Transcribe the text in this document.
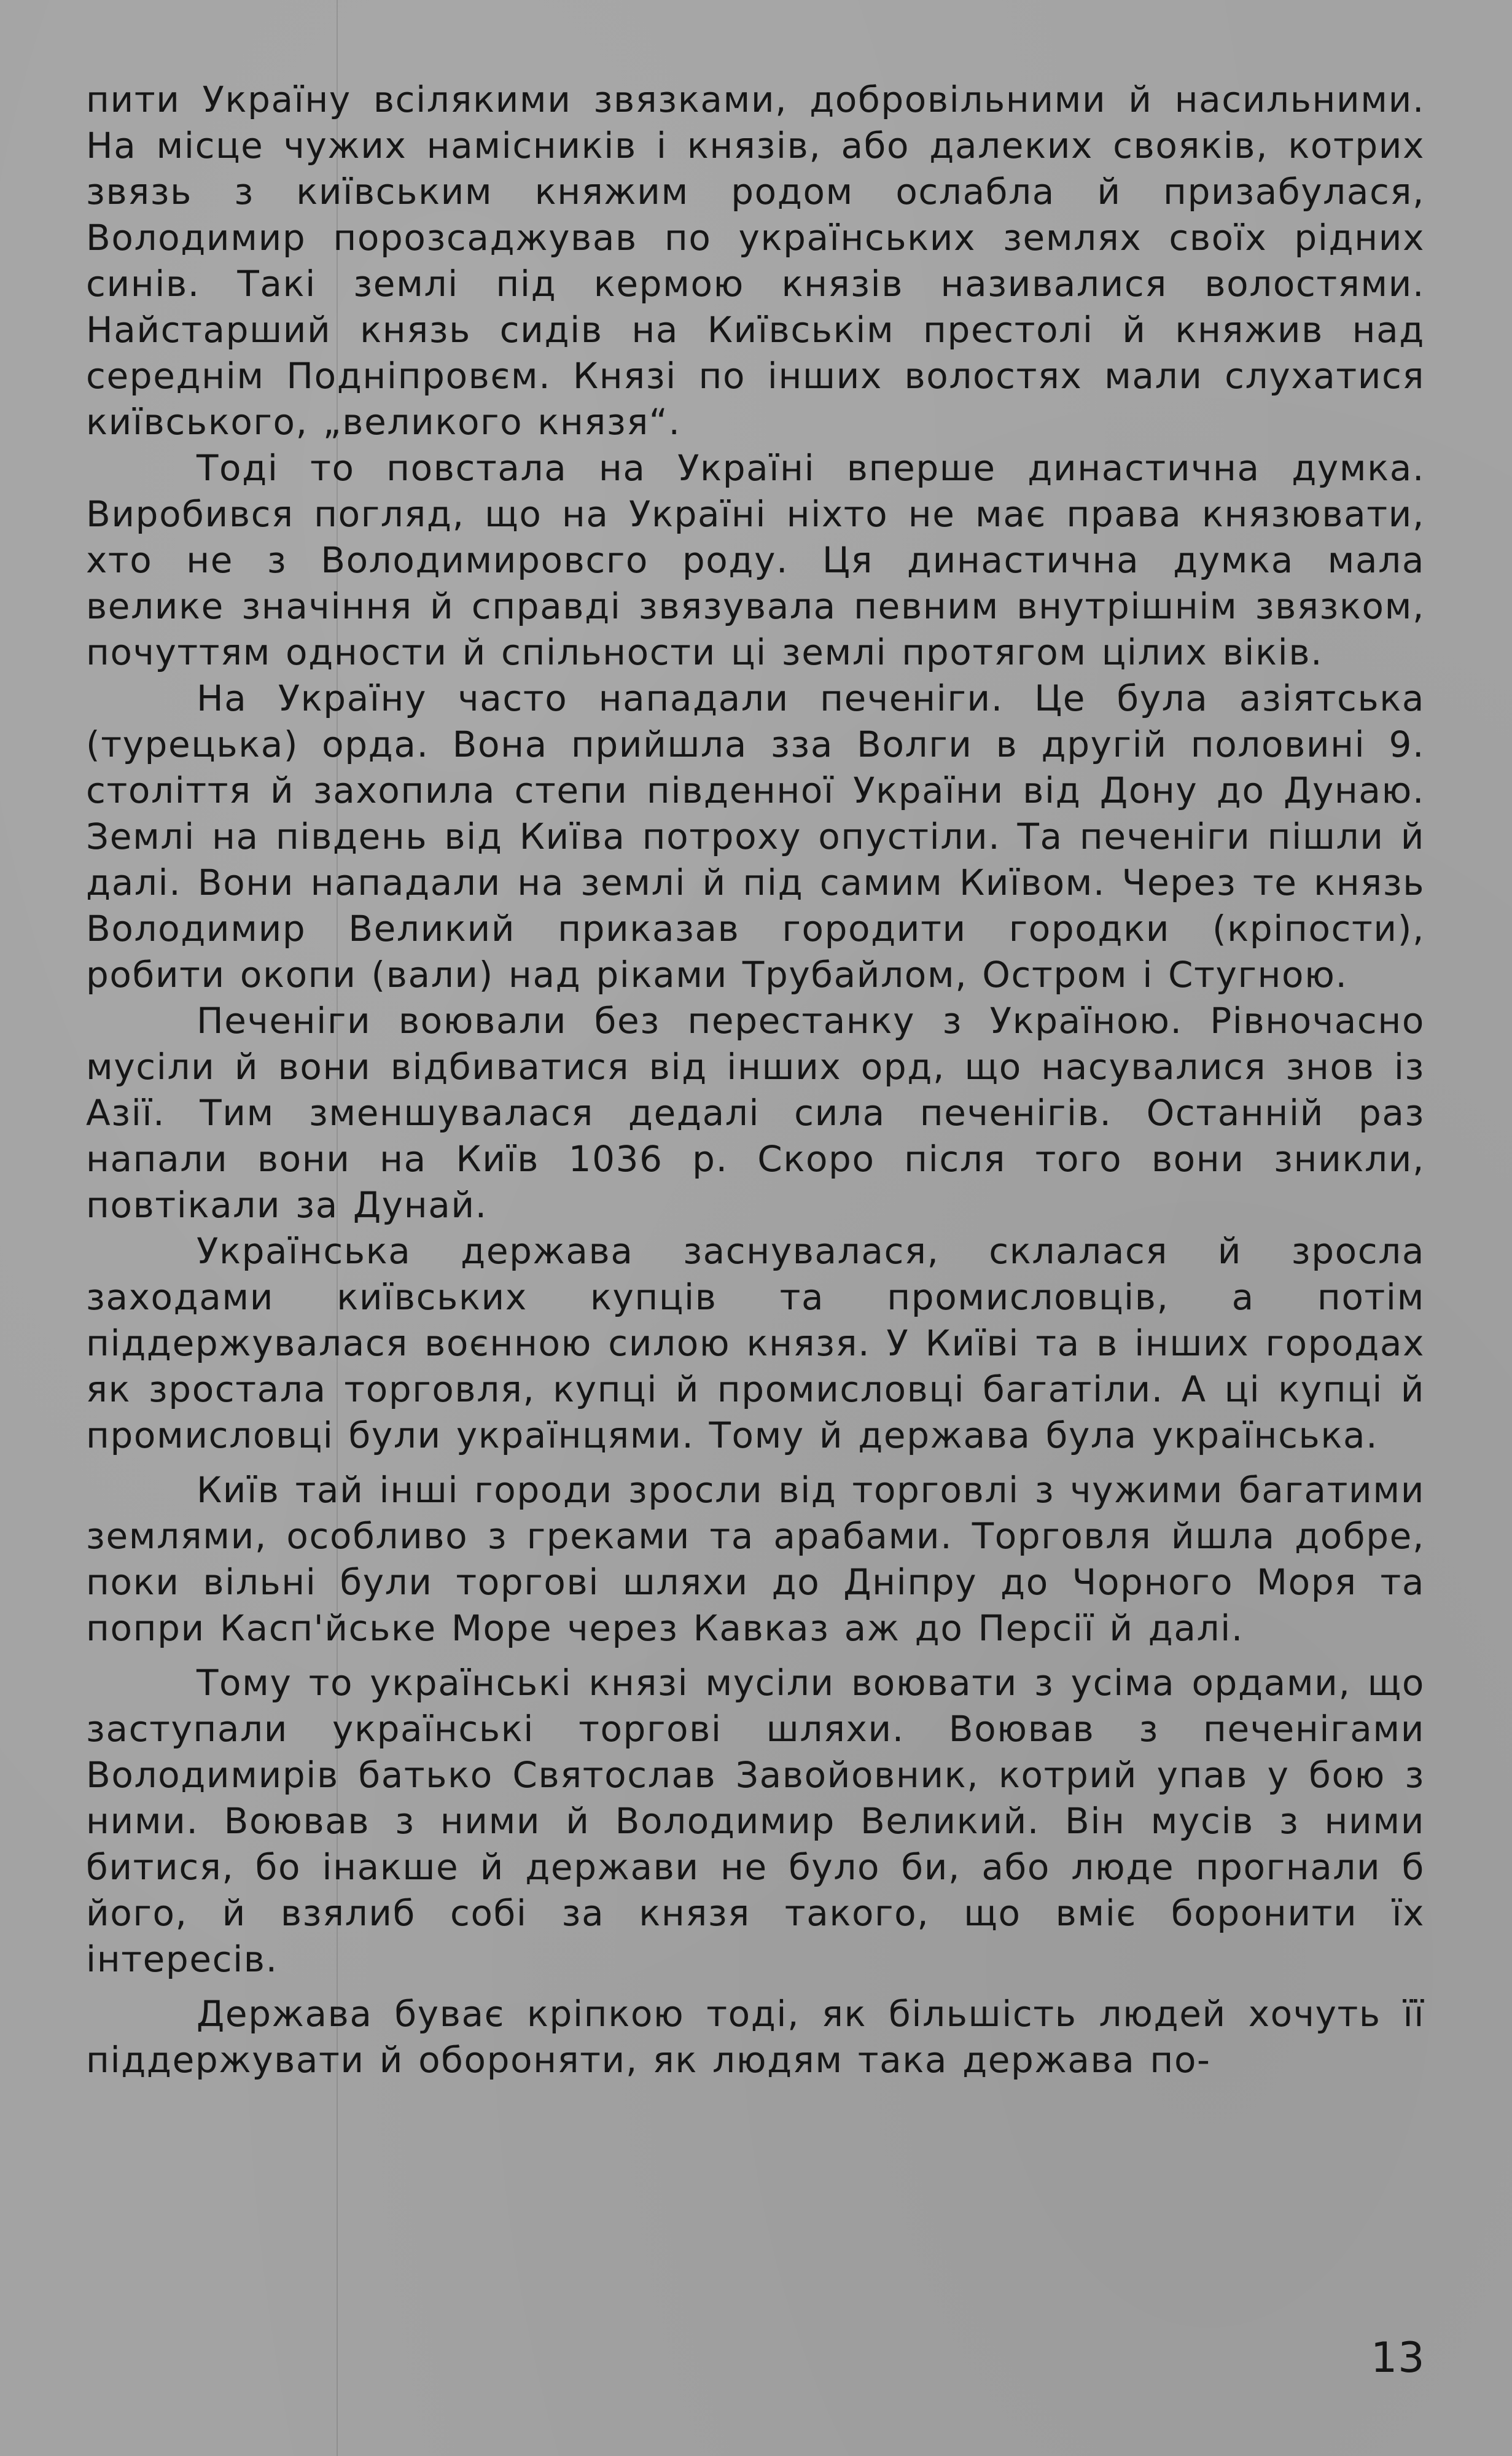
пити Україну всілякими звязками, добровільними й насильними. На місце чужих намісників і князів, або далеких свояків, котрих звязь з київським княжим родом ослабла й призабулася, Володимир порозсаджував по українських землях своїх рідних синів. Такі землі під кермою князів називалися волостями. Найстарший князь сидів на Київськім престолі й княжив над середнім Подніпровєм. Князі по інших волостях мали слухатися київського, „великого князя“.

Тоді то повстала на Україні вперше династична думка. Виробився погляд, що на Україні ніхто не має права князювати, хто не з Володимировсго роду. Ця династична думка мала велике значіння й справді звязувала певним внутрішнім звязком, почуттям одности й спільности ці землі протягом цілих віків.

На Україну часто нападали печеніги. Це була азіятська (турецька) орда. Вона прийшла зза Волги в другій половині 9. століття й захопила степи південної України від Дону до Дунаю. Землі на південь від Київа потроху опустіли. Та печеніги пішли й далі. Вони нападали на землі й під самим Київом. Через те князь Володимир Великий приказав городити городки (кріпости), робити окопи (вали) над ріками Трубайлом, Остром і Стугною.

Печеніги воювали без перестанку з Україною. Рівночасно мусіли й вони відбиватися від інших орд, що насувалися знов із Азії. Тим зменшувалася дедалі сила печенігів. Останній раз напали вони на Київ 1036 р. Скоро після того вони зникли, повтікали за Дунай.

Українська держава заснувалася, склалася й зросла заходами київських купців та промисловців, а потім піддержувалася воєнною силою князя. У Київі та в інших городах як зростала торговля, купці й промисловці багатіли. А ці купці й промисловці були українцями. Тому й держава була українська.

Київ тай інші городи зросли від торговлі з чужими багатими землями, особливо з греками та арабами. Торговля йшла добре, поки вільні були торгові шляхи до Дніпру до Чорного Моря та попри Касп'йське Море через Кавказ аж до Персії й далі.

Тому то українські князі мусіли воювати з усіма ордами, що заступали українські торгові шляхи. Воював з печенігами Володимирів батько Святослав Завойовник, котрий упав у бою з ними. Воював з ними й Володимир Великий. Він мусів з ними битися, бо інакше й держави не було би, або люде прогнали б його, й взялиб собі за князя такого, що вміє боронити їх інтересів.

Держава буває кріпкою тоді, як більшість людей хочуть її піддержувати й обороняти, як людям така держава по-

13
